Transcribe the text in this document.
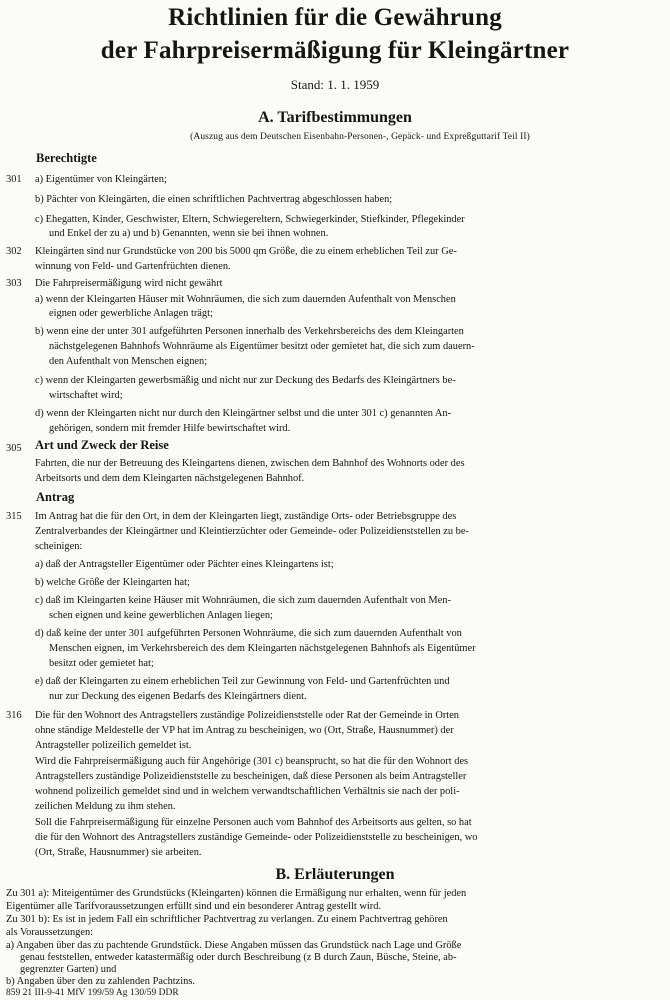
Richtlinien für die Gewährung
der Fahrpreisermäßigung für Kleingärtner
Stand: 1. 1. 1959
A. Tarifbestimmungen
(Auszug aus dem Deutschen Eisenbahn-Personen-, Gepäck- und Expreßguttarif Teil II)
Berechtigte
301 a) Eigentümer von Kleingärten;
b) Pächter von Kleingärten, die einen schriftlichen Pachtvertrag abgeschlossen haben;
c) Ehegatten, Kinder, Geschwister, Eltern, Schwiegereltern, Schwiegerkinder, Stiefkinder, Pflegekinder
und Enkel der zu a) und b) Genannten, wenn sie bei ihnen wohnen.
302 Kleingärten sind nur Grundstücke von 200 bis 5000 qm Größe, die zu einem erheblichen Teil zur Ge-
winnung von Feld- und Gartenfrüchten dienen.
303 Die Fahrpreisermäßigung wird nicht gewährt
a) wenn der Kleingarten Häuser mit Wohnräumen, die sich zum dauernden Aufenthalt von Menschen
eignen oder gewerbliche Anlagen trägt;
b) wenn eine der unter 301 aufgeführten Personen innerhalb des Verkehrsbereichs des dem Kleingarten
nächstgelegenen Bahnhofs Wohnräume als Eigentümer besitzt oder gemietet hat, die sich zum dauern-
den Aufenthalt von Menschen eignen;
c) wenn der Kleingarten gewerbsmäßig und nicht nur zur Deckung des Bedarfs des Kleingärtners be-
wirtschaftet wird;
d) wenn der Kleingarten nicht nur durch den Kleingärtner selbst und die unter 301 c) genannten An-
gehörigen, sondern mit fremder Hilfe bewirtschaftet wird.
305 Art und Zweck der Reise
Fahrten, die nur der Betreuung des Kleingartens dienen, zwischen dem Bahnhof des Wohnorts oder des
Arbeitsorts und dem dem Kleingarten nächstgelegenen Bahnhof.
Antrag
315 Im Antrag hat die für den Ort, in dem der Kleingarten liegt, zuständige Orts- oder Betriebsgruppe des
Zentralverbandes der Kleingärtner und Kleintierzüchter oder Gemeinde- oder Polizeidienststellen zu be-
scheinigen:
a) daß der Antragsteller Eigentümer oder Pächter eines Kleingartens ist;
b) welche Größe der Kleingarten hat;
c) daß im Kleingarten keine Häuser mit Wohnräumen, die sich zum dauernden Aufenthalt von Men-
schen eignen und keine gewerblichen Anlagen liegen;
d) daß keine der unter 301 aufgeführten Personen Wohnräume, die sich zum dauernden Aufenthalt von
Menschen eignen, im Verkehrsbereich des dem Kleingarten nächstgelegenen Bahnhofs als Eigentümer
besitzt oder gemietet hat;
e) daß der Kleingarten zu einem erheblichen Teil zur Gewinnung von Feld- und Gartenfrüchten und
nur zur Deckung des eigenen Bedarfs des Kleingärtners dient.
316 Die für den Wohnort des Antragstellers zuständige Polizeidienststelle oder Rat der Gemeinde in Orten
ohne ständige Meldestelle der VP hat im Antrag zu bescheinigen, wo (Ort, Straße, Hausnummer) der
Antragsteller polizeilich gemeldet ist.
Wird die Fahrpreisermäßigung auch für Angehörige (301 c) beansprucht, so hat die für den Wohnort des
Antragstellers zuständige Polizeidienststelle zu bescheinigen, daß diese Personen als beim Antragsteller
wohnend polizeilich gemeldet sind und in welchem verwandtschaftlichen Verhältnis sie nach der poli-
zeilichen Meldung zu ihm stehen.
Soll die Fahrpreisermäßigung für einzelne Personen auch vom Bahnhof des Arbeitsorts aus gelten, so hat
die für den Wohnort des Antragstellers zuständige Gemeinde- oder Polizeidienststelle zu bescheinigen, wo
(Ort, Straße, Hausnummer) sie arbeiten.
B. Erläuterungen
Zu 301 a): Miteigentümer des Grundstücks (Kleingarten) können die Ermäßigung nur erhalten, wenn für jeden
Eigentümer alle Tarifvoraussetzungen erfüllt sind und ein besonderer Antrag gestellt wird.
Zu 301 b): Es ist in jedem Fall ein schriftlicher Pachtvertrag zu verlangen. Zu einem Pachtvertrag gehören
als Voraussetzungen:
a) Angaben über das zu pachtende Grundstück. Diese Angaben müssen das Grundstück nach Lage und Größe
genau feststellen, entweder katastermäßig oder durch Beschreibung (z B durch Zaun, Büsche, Steine, ab-
gegrenzter Garten) und
b) Angaben über den zu zahlenden Pachtzins.
859 21 III-9-41 MfV 199/59 Ag 130/59 DDR
